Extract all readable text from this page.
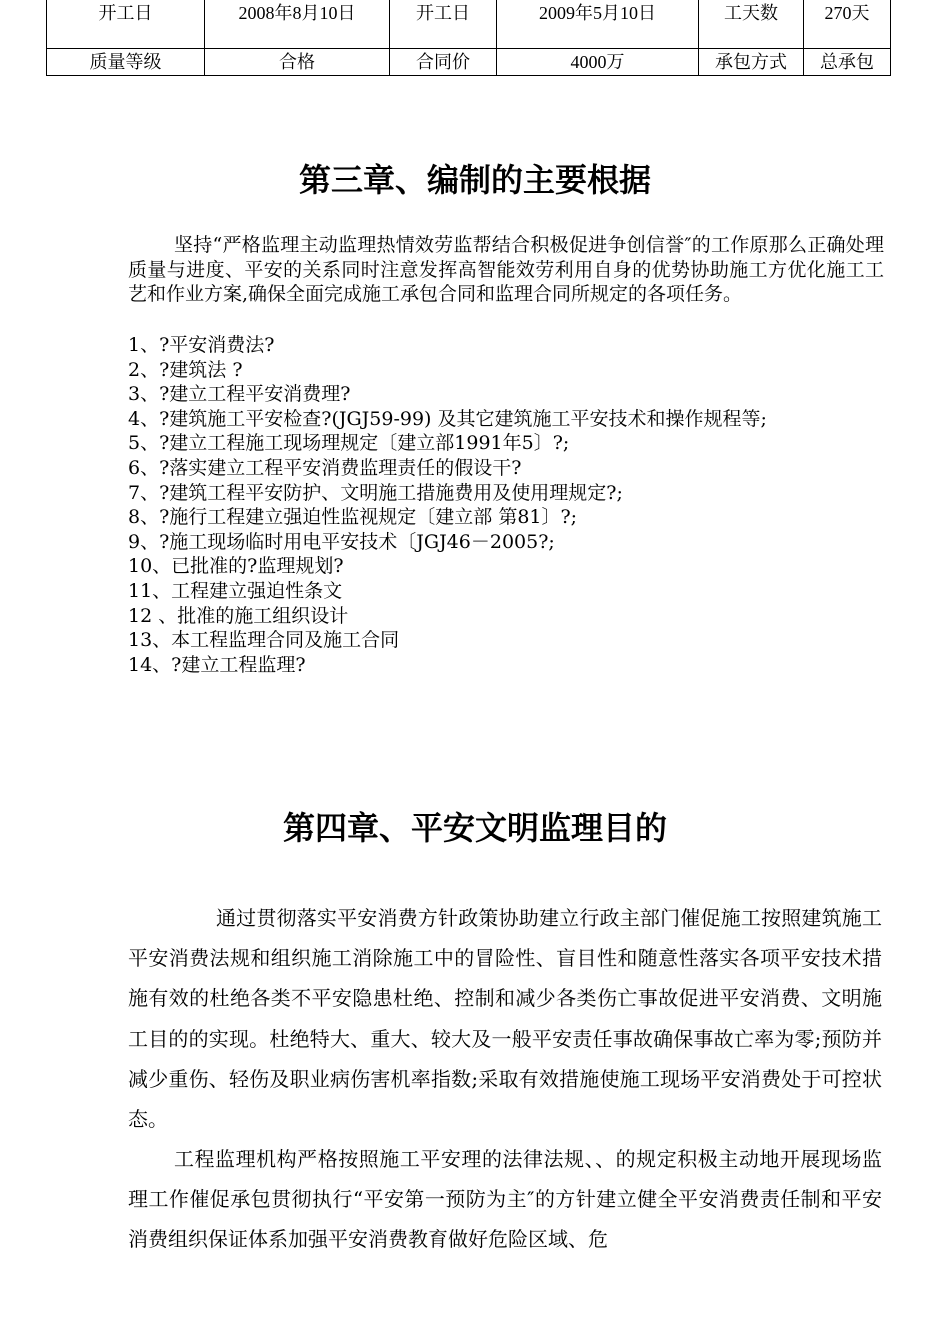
开工日	2008年8月10日	开工日	2009年5月10日	工天数	270天
质量等级	合格	合同价	4000万	承包方式	总承包
第三章、编制的主要根据

坚持“严格监理主动监理热情效劳监帮结合积极促进争创信誉″的工作原那么正确处理质量与进度、平安的关系同时注意发挥高智能效劳利用自身的优势协助施工方优化施工工艺和作业方案,确保全面完成施工承包合同和监理合同所规定的各项任务。

1、?平安消费法?
2、?建筑法 ?
3、?建立工程平安消费理?
4、?建筑施工平安检查?(JGJ59-99) 及其它建筑施工平安技术和操作规程等;
5、?建立工程施工现场理规定〔建立部1991年5〕?;
6、?落实建立工程平安消费监理责任的假设干?
7、?建筑工程平安防护、文明施工措施费用及使用理规定?;
8、?施行工程建立强迫性监视规定〔建立部 第81〕?;
9、?施工现场临时用电平安技术〔JGJ46－2005?;
10、已批准的?监理规划?
11、工程建立强迫性条文
12 、批准的施工组织设计
13、本工程监理合同及施工合同
14、?建立工程监理?
第四章、平安文明监理目的

通过贯彻落实平安消费方针政策协助建立行政主部门催促施工按照建筑施工平安消费法规和组织施工消除施工中的冒险性、盲目性和随意性落实各项平安技术措施有效的杜绝各类不平安隐患杜绝、控制和减少各类伤亡事故促进平安消费、文明施工目的的实现。杜绝特大、重大、较大及一般平安责任事故确保事故亡率为零;预防并减少重伤、轻伤及职业病伤害机率指数;采取有效措施使施工现场平安消费处于可控状态。

工程监理机构严格按照施工平安理的法律法规、、的规定积极主动地开展现场监理工作催促承包贯彻执行“平安第一预防为主″的方针建立健全平安消费责任制和平安消费组织保证体系加强平安消费教育做好危险区域、危
